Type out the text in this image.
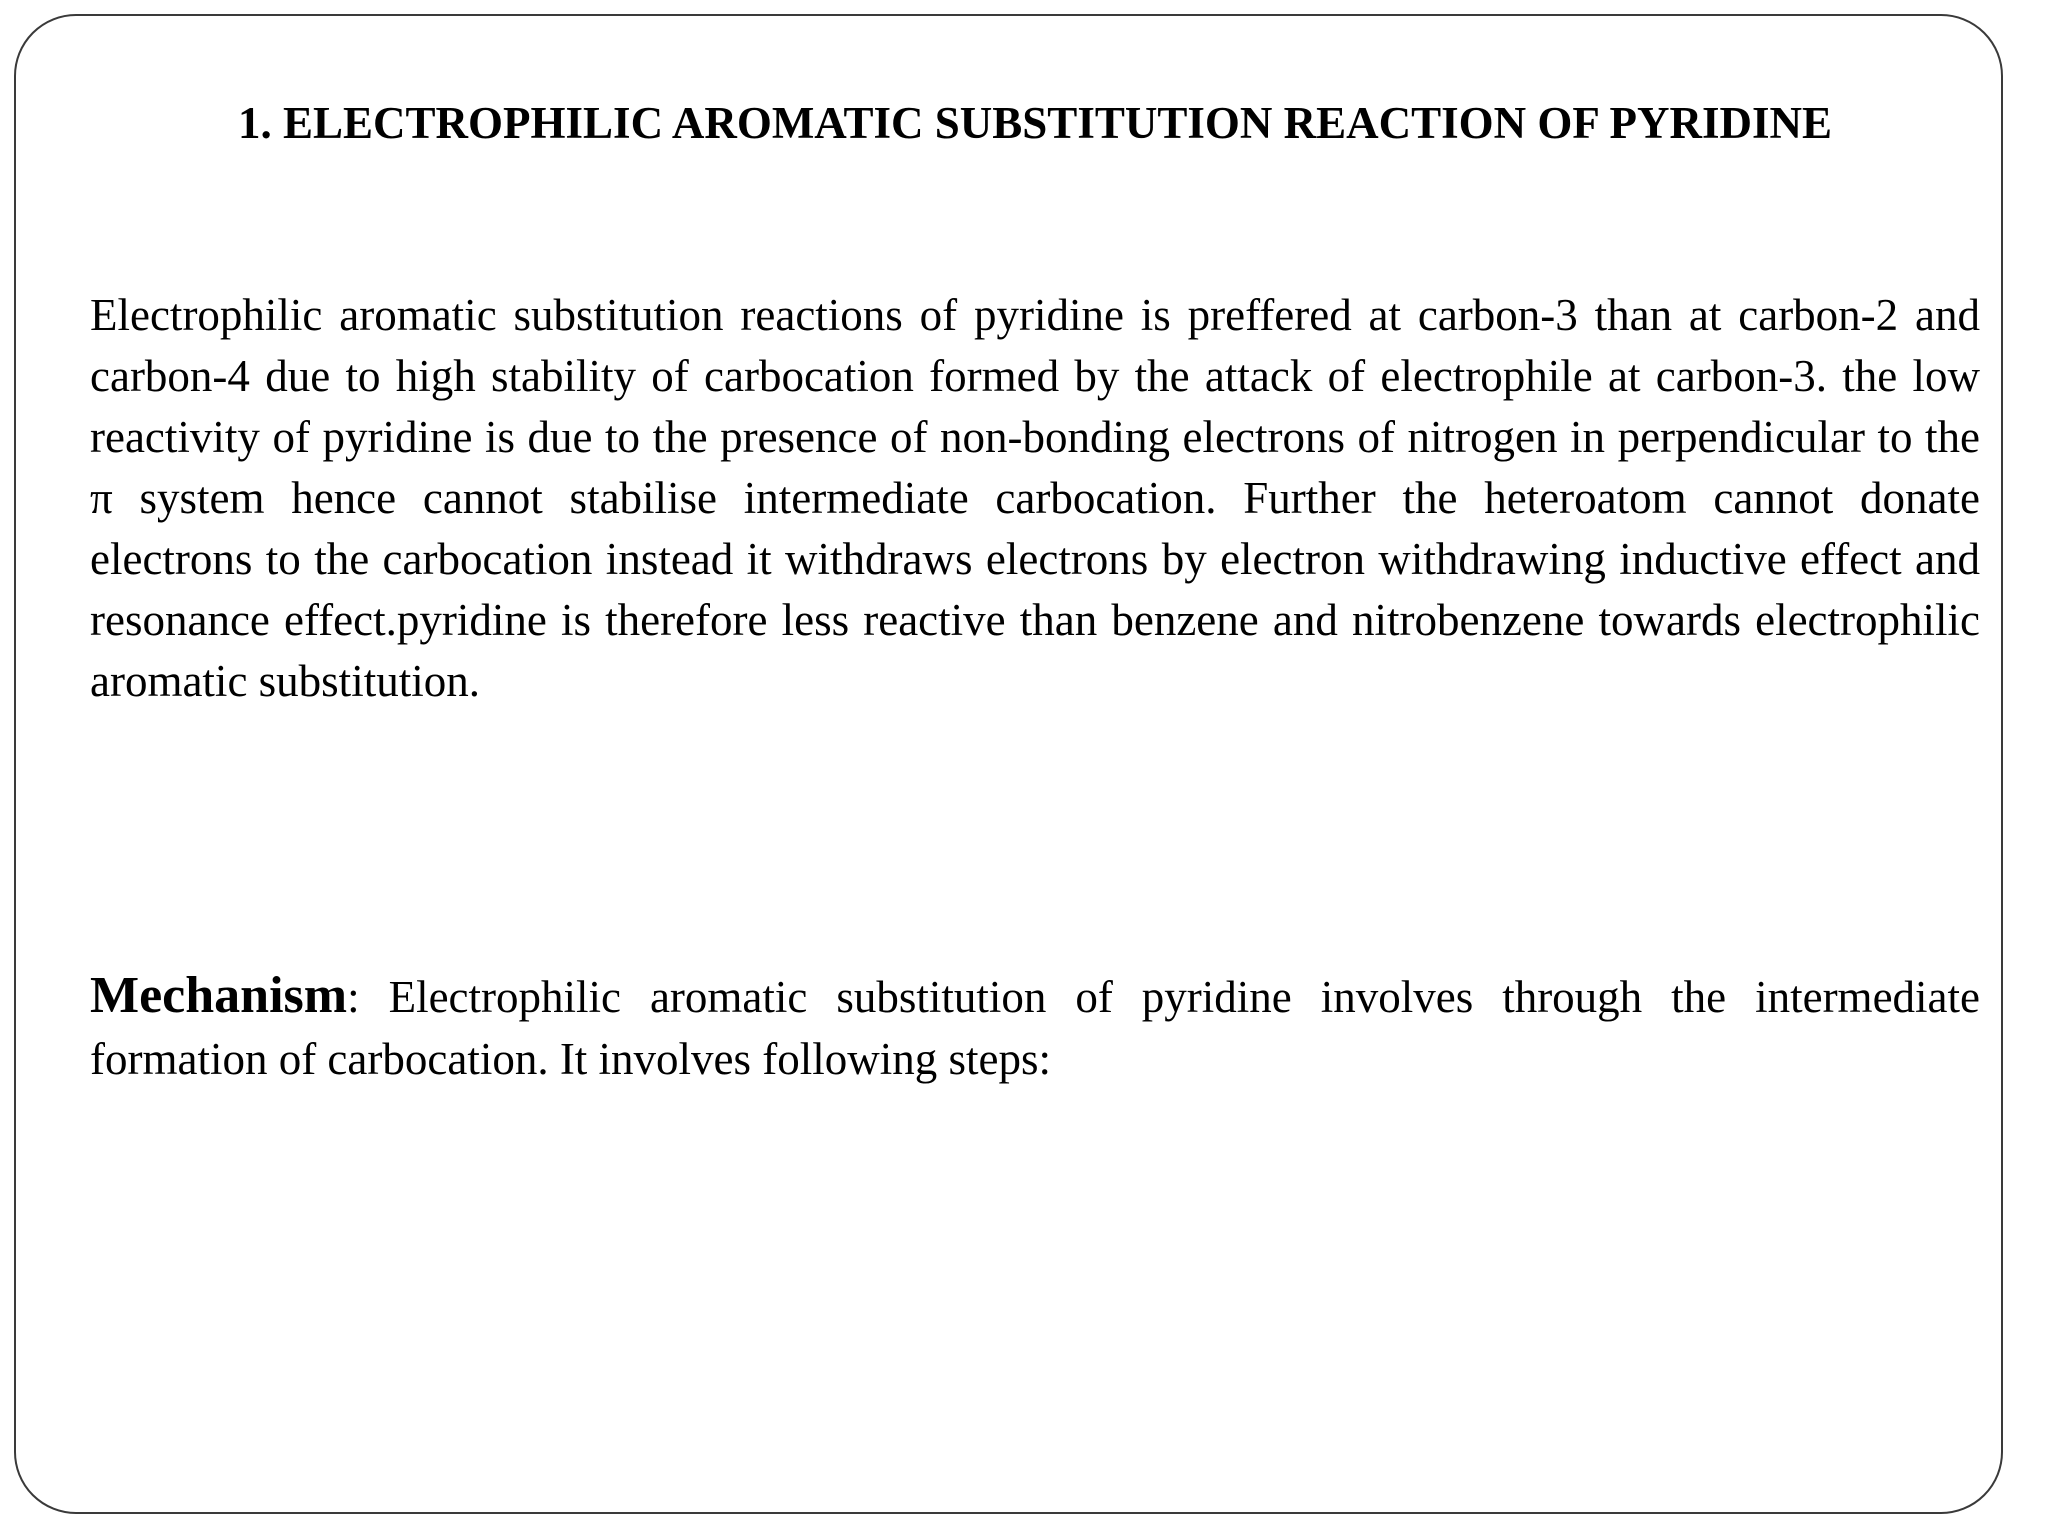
1. ELECTROPHILIC AROMATIC SUBSTITUTION REACTION OF PYRIDINE

Electrophilic aromatic substitution reactions of pyridine is preffered at carbon-3 than at carbon-2 and carbon-4 due to high stability of carbocation formed by the attack of electrophile at carbon-3. the low reactivity of pyridine is due to the presence of non-bonding electrons of nitrogen in perpendicular to the π system hence cannot stabilise intermediate carbocation. Further the heteroatom cannot donate electrons to the carbocation instead it withdraws electrons by electron withdrawing inductive effect and resonance effect.pyridine is therefore less reactive than benzene and nitrobenzene towards electrophilic aromatic substitution.

Mechanism: Electrophilic aromatic substitution of pyridine involves through the intermediate formation of carbocation. It involves following steps:
